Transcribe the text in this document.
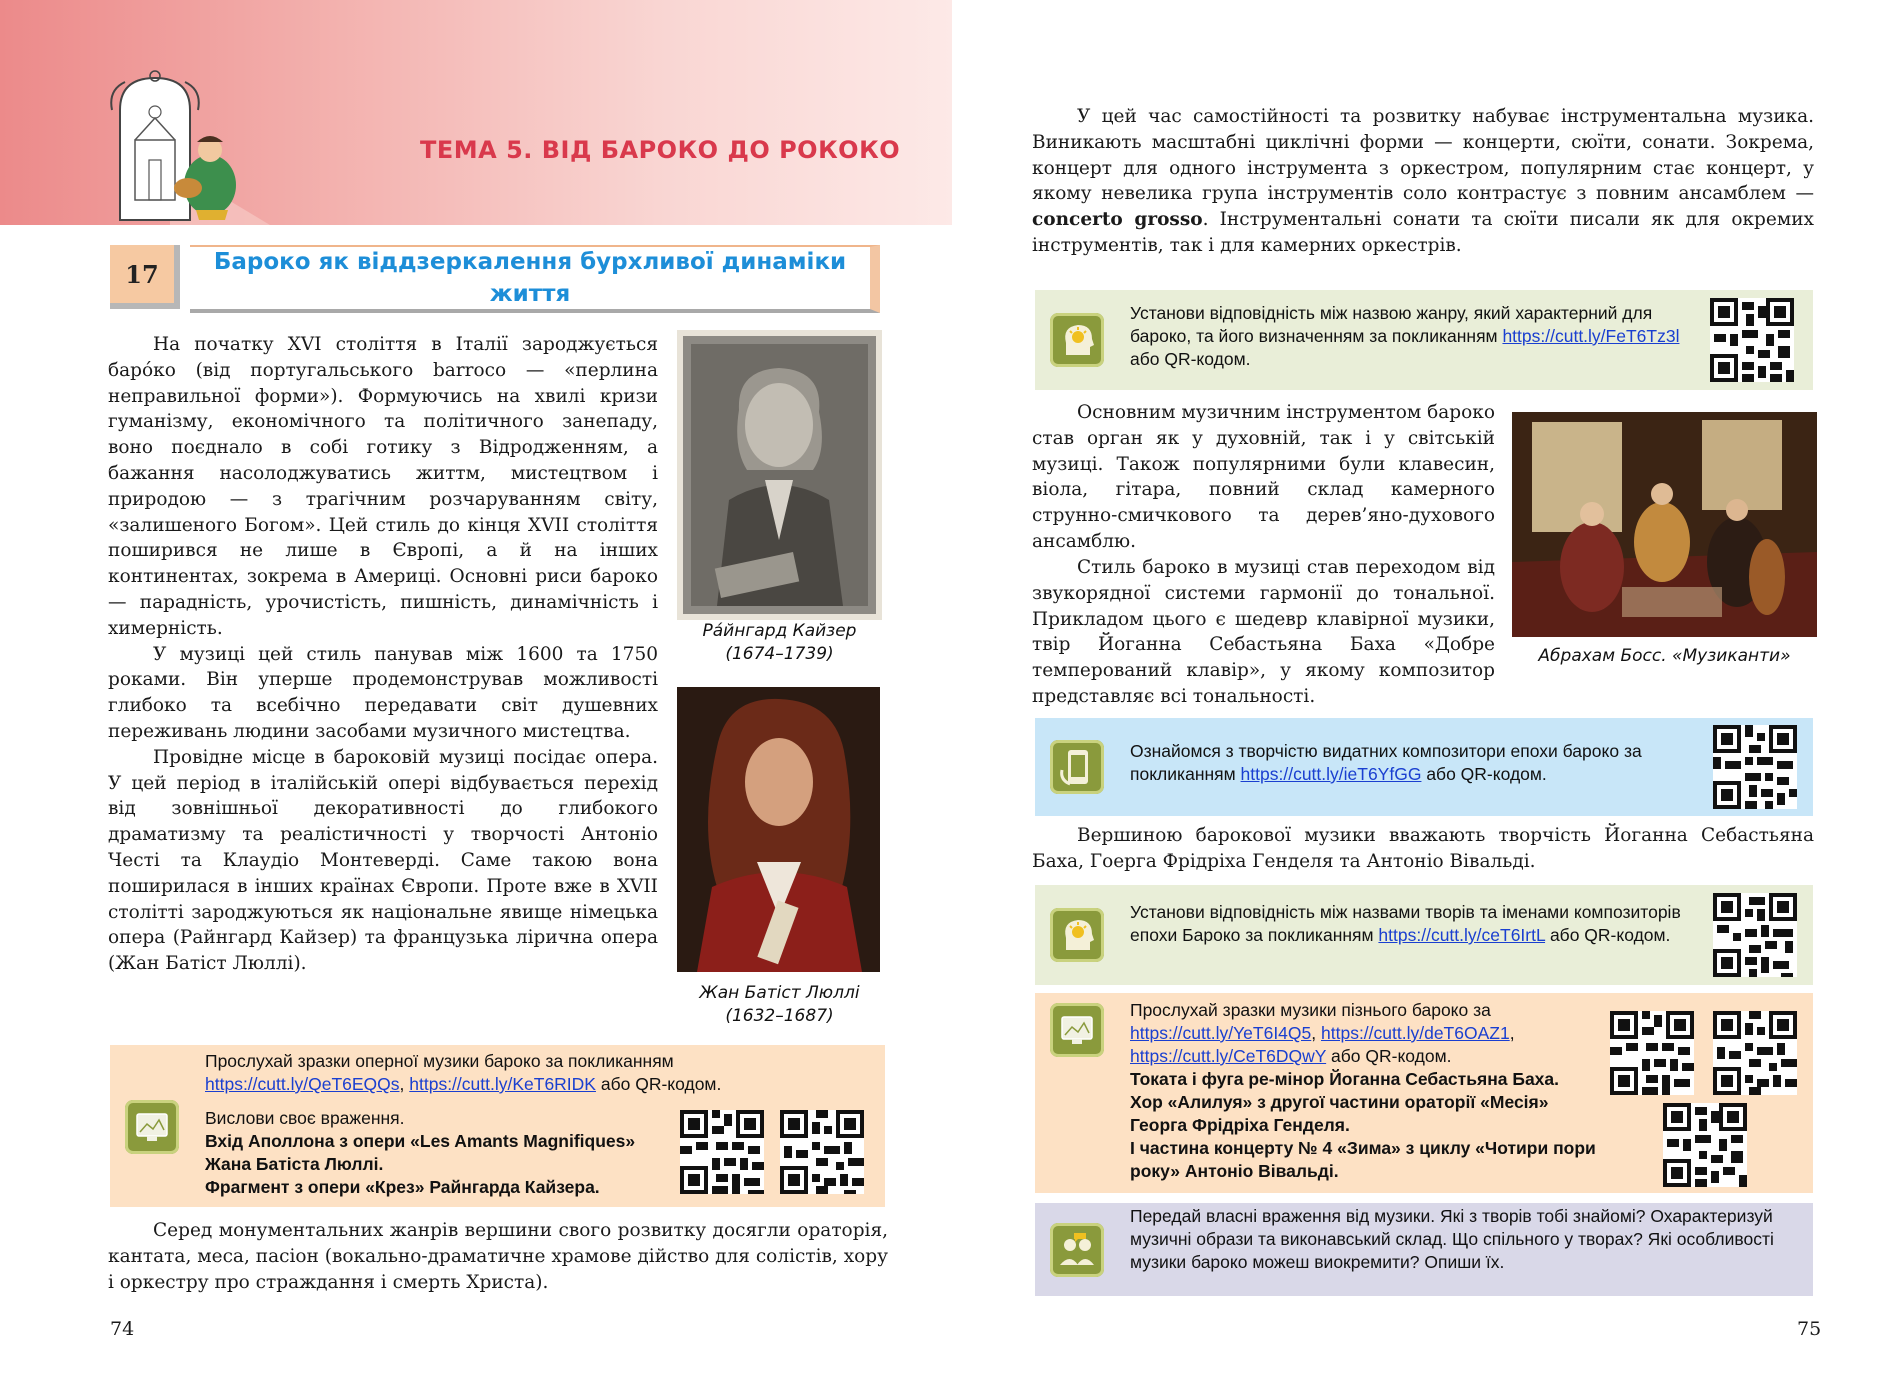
ТЕМА 5. ВІД БАРОКО ДО РОКОКО
17	Бароко як віддзеркалення бурхливої динаміки
життя

На початку XVI століття в Італії зароджується баро́ко (від португальського barroco — «перлина неправильної форми»). Формуючись на хвилі кризи гуманізму, економічного та політичного занепаду, воно поєднало в собі готику з Відродженням, а бажання насолоджуватись життм, мистецтвом і природою — з трагічним розчаруванням світу, «залишеного Богом». Цей стиль до кінця XVII століття поширився не лише в Європі, а й на інших континентах, зокрема в Америці. Основні риси бароко — парадність, урочистість, пишність, динамічність і химерність.

У музиці цей стиль панував між 1600 та 1750 роками. Він уперше продемонстрував можливості глибоко та всебічно передавати світ душевних переживань людини засобами музичного мистецтва.

Провідне місце в бароковій музиці посідає опера. У цей період в італійській опері відбувається перехід від зовнішньої декоративності до глибокого драматизму та реалістичності у творчості Антоніо Честі та Клаудіо Монтеверді. Саме такою вона поширилася в інших країнах Європи. Проте вже в XVII столітті зароджуються як національне явище німецька опера (Райнгард Кайзер) та французька лірична опера (Жан Батіст Люллі).

Ра́йнгард Кайзер
(1674–1739)
Жан Батіст Люллі
(1632–1687)
Прослухай зразки оперної музики бароко за покликанням
https://cutt.ly/QeT6EQQs, https://cutt.ly/KeT6RIDK або QR-кодом.
Вислови своє враження.
Вхід Аполлона з опери «Les Amants Magnifiques» Жана Батіста Люллі.
Фрагмент з опери «Крез» Райнгарда Кайзера.

Серед монументальних жанрів вершини свого розвитку досягли ораторія, кантата, меса, пасіон (вокально-драматичне храмове дійство для солістів, хору і оркестру про страждання і смерть Христа).

74

У цей час самостійності та розвитку набуває інструментальна музика. Виникають масштабні циклічні форми — концерти, сюїти, сонати. Зокрема, концерт для одного інструмента з оркестром, популярним стає концерт, у якому невелика група інструментів соло контрастує з повним ансамблем — concerto grosso. Інструментальні сонати та сюїти писали як для окремих інструментів, так і для камерних оркестрів.

Установи відповідність між назвою жанру, який характерний для бароко, та його визначенням за покликанням https://cutt.ly/FeT6Tz3l або QR-кодом.
Абрахам Босс. «Музиканти»

Основним музичним інструментом бароко став орган як у духовній, так і у світській музиці. Також популярними були клавесин, віола, гітара, повний склад камерного струнно-смичкового та дерев’яно-духового ансамблю.

Стиль бароко в музиці став переходом від звукорядної системи гармонії до тональної. Прикладом цього є шедевр клавірної музики, твір Йоганна Себастьяна Баха «Добре темперований клавір», у якому композитор представляє всі тональності.

Ознайомся з творчістю видатних композитори епохи бароко за покликанням https://cutt.ly/ieT6YfGG або QR-кодом.

Вершиною барокової музики вважають творчість Йоганна Себастьяна Баха, Гоерга Фрідріха Генделя та Антоніо Вівальді.

Установи відповідність між назвами творів та іменами композиторів епохи Бароко за покликанням https://cutt.ly/ceT6IrtL або QR-кодом.
Прослухай зразки музики пізнього бароко за
https://cutt.ly/YeT6I4Q5, https://cutt.ly/deT6OAZ1,
https://cutt.ly/CeT6DQwY або QR-кодом.
Токата і фуга ре-мінор Йоганна Себастьяна Баха.
Хор «Алилуя» з другої частини ораторії «Месія» Георга Фрідріха Генделя.
I частина концерту № 4 «Зима» з циклу «Чотири пори року» Антоніо Вівальді.
Передай власні враження від музики. Які з творів тобі знайомі? Охарактеризуй музичні образи та виконавський склад. Що спільного у творах? Які особливості музики бароко можеш виокремити? Опиши їх.
75
